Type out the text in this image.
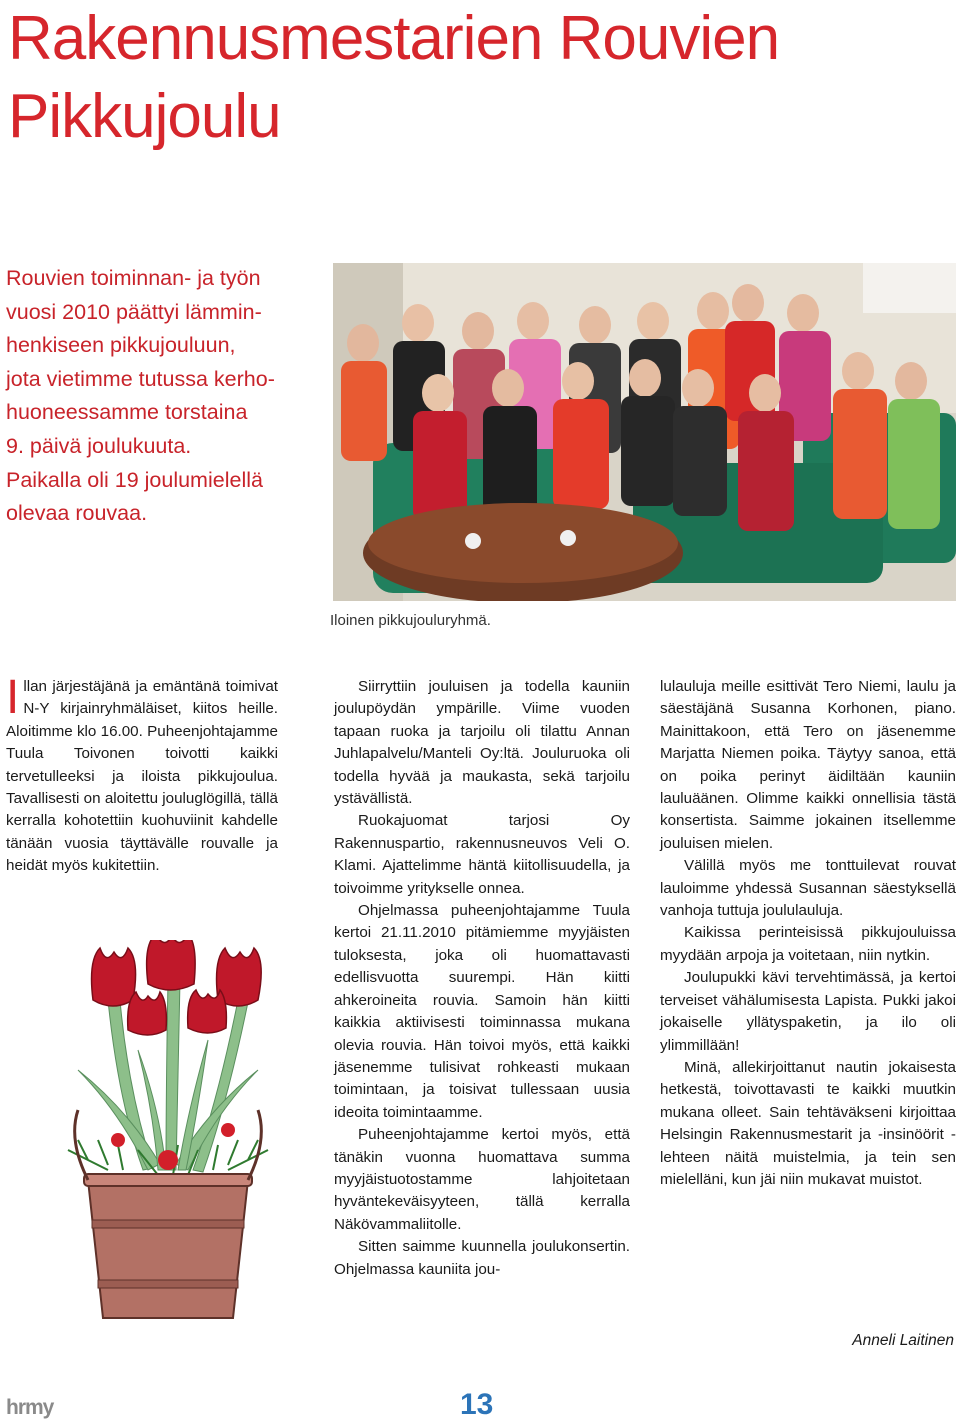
Rakennusmestarien Rouvien
Pikkujoulu
Rouvien toiminnan- ja työn
vuosi 2010 päättyi lämmin-
henkiseen pikkujouluun,
jota vietimme tutussa kerho-
huoneessamme torstaina
9. päivä joulukuuta.
Paikalla oli 19 joulumielellä
olevaa rouvaa.
Iloinen pikkujouluryhmä.

Illan järjestäjänä ja emäntänä toimivat N-Y kirjainryhmäläiset, kiitos heille. Aloitimme klo 16.00. Puheenjohtajamme Tuula Toivonen toivotti kaikki tervetulleeksi ja iloista pikkujoulua. Tavallisesti on aloitettu jouluglögillä, tällä kerralla kohotettiin kuohuviinit kahdelle tänään vuosia täyttävälle rouvalle ja heidät myös kukitettiin.

Siirryttiin jouluisen ja todella kauniin joulupöydän ympärille. Viime vuoden tapaan ruoka ja tarjoilu oli tilattu Annan Juhlapalvelu/Manteli Oy:ltä. Jouluruoka oli todella hyvää ja maukasta, sekä tarjoilu ystävällistä.

Ruokajuomat tarjosi Oy Rakennuspartio, rakennusneuvos Veli O. Klami. Ajattelimme häntä kiitollisuudella, ja toivoimme yritykselle onnea.

Ohjelmassa puheenjohtajamme Tuula kertoi 21.11.2010 pitämiemme myyjäisten tuloksesta, joka oli huomattavasti edellisvuotta suurempi. Hän kiitti ahkeroineita rouvia. Samoin hän kiitti kaikkia aktiivisesti toiminnassa mukana olevia rouvia. Hän toivoi myös, että kaikki jäsenemme tulisivat rohkeasti mukaan toimintaan, ja toisivat tullessaan uusia ideoita toimintaamme.

Puheenjohtajamme kertoi myös, että tänäkin vuonna huomattava summa myyjäistuotostamme lahjoitetaan hyväntekeväisyyteen, tällä kerralla Näkövammaliitolle.

Sitten saimme kuunnella joulukonsertin. Ohjelmassa kauniita jou-

lulauluja meille esittivät Tero Niemi, laulu ja säestäjänä Susanna Korhonen, piano. Mainittakoon, että Tero on jäsenemme Marjatta Niemen poika. Täytyy sanoa, että on poika perinyt äidiltään kauniin lauluäänen. Olimme kaikki onnellisia tästä konsertista. Saimme jokainen itsellemme jouluisen mielen.

Välillä myös me tonttuilevat rouvat lauloimme yhdessä Susannan säestyksellä vanhoja tuttuja joululauluja.

Kaikissa perinteisissä pikkujouluissa myydään arpoja ja voitetaan, niin nytkin.

Joulupukki kävi tervehtimässä, ja kertoi terveiset vähälumisesta Lapista. Pukki jakoi jokaiselle yllätyspaketin, ja ilo oli ylimmillään!

Minä, allekirjoittanut nautin jokaisesta hetkestä, toivottavasti te kaikki muutkin mukana olleet. Sain tehtäväkseni kirjoittaa Helsingin Rakennusmestarit ja -insinöörit -lehteen näitä muistelmia, ja tein sen mielelläni, kun jäi niin mukavat muistot.

Anneli Laitinen
hrmy	13
